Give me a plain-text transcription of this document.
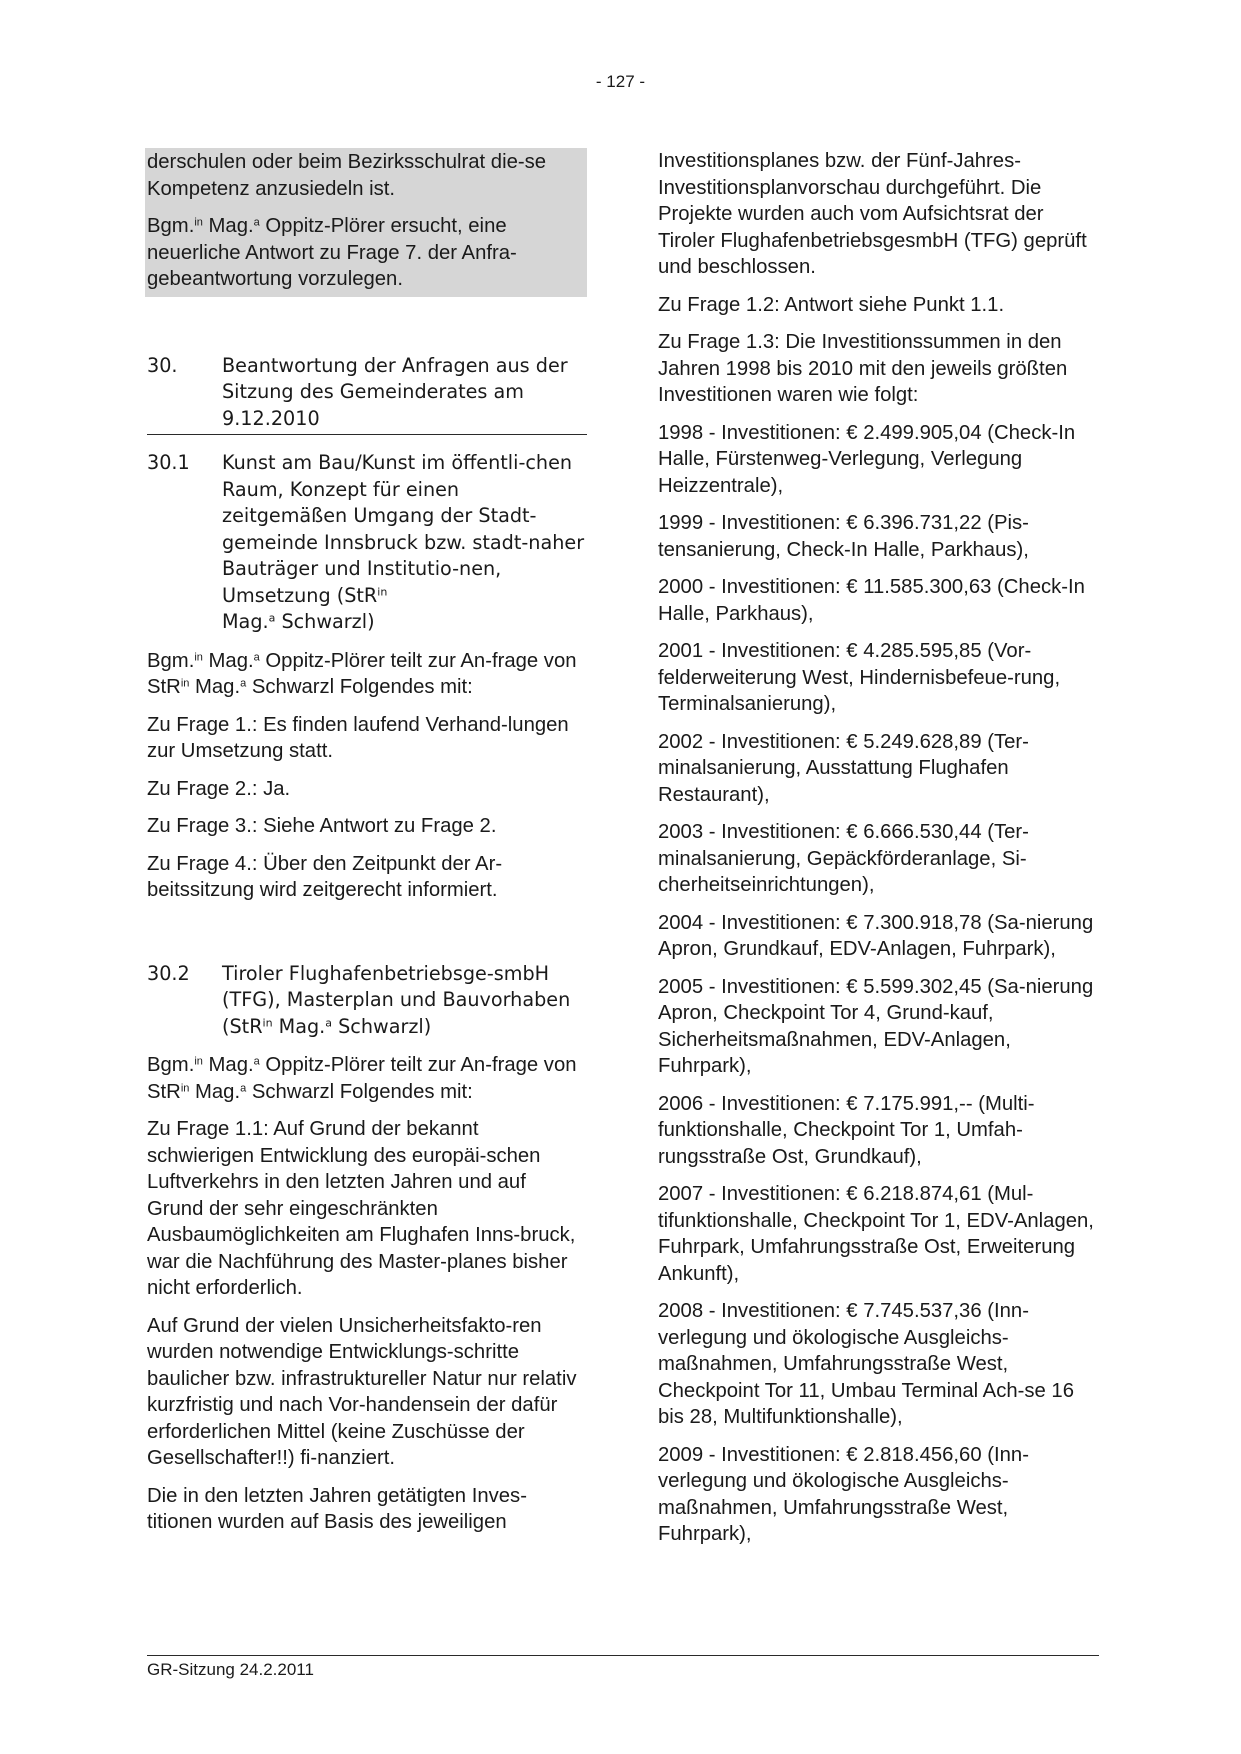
- 127 -

derschulen oder beim Bezirksschulrat die-se Kompetenz anzusiedeln ist.

Bgm.$^{in}$ Mag.$^a$ Oppitz-Plörer ersucht, eine neuerliche Antwort zu Frage 7. der Anfra-gebeantwortung vorzulegen.

30.	Beantwortung der Anfragen aus der Sitzung des Gemeinderates am 9.12.2010
30.1	Kunst am Bau/Kunst im öffentli-chen Raum, Konzept für einen zeitgemäßen Umgang der Stadt-gemeinde Innsbruck bzw. stadt-naher Bauträger und Institutio-nen, Umsetzung (StR$^{in}$
Mag.$^a$ Schwarzl)

Bgm.$^{in}$ Mag.$^a$ Oppitz-Plörer teilt zur An-frage von StR$^{in}$ Mag.$^a$ Schwarzl Folgendes mit:

Zu Frage 1.: Es finden laufend Verhand-lungen zur Umsetzung statt.

Zu Frage 2.: Ja.

Zu Frage 3.: Siehe Antwort zu Frage 2.

Zu Frage 4.: Über den Zeitpunkt der Ar-beitssitzung wird zeitgerecht informiert.

30.2	Tiroler Flughafenbetriebsge-smbH (TFG), Masterplan und Bauvorhaben
(StR$^{in}$ Mag.$^a$ Schwarzl)

Bgm.$^{in}$ Mag.$^a$ Oppitz-Plörer teilt zur An-frage von StR$^{in}$ Mag.$^a$ Schwarzl Folgendes mit:

Zu Frage 1.1: Auf Grund der bekannt schwierigen Entwicklung des europäi-schen Luftverkehrs in den letzten Jahren und auf Grund der sehr eingeschränkten Ausbaumöglichkeiten am Flughafen Inns-bruck, war die Nachführung des Master-planes bisher nicht erforderlich.

Auf Grund der vielen Unsicherheitsfakto-ren wurden notwendige Entwicklungs-schritte baulicher bzw. infrastruktureller Natur nur relativ kurzfristig und nach Vor-handensein der dafür erforderlichen Mittel (keine Zuschüsse der Gesellschafter!!) fi-nanziert.

Die in den letzten Jahren getätigten Inves-titionen wurden auf Basis des jeweiligen

Investitionsplanes bzw. der Fünf-Jahres-Investitionsplanvorschau durchgeführt. Die Projekte wurden auch vom Aufsichtsrat der Tiroler FlughafenbetriebsgesmbH (TFG) geprüft und beschlossen.

Zu Frage 1.2: Antwort siehe Punkt 1.1.

Zu Frage 1.3: Die Investitionssummen in den Jahren 1998 bis 2010 mit den jeweils größten Investitionen waren wie folgt:

1998 - Investitionen: € 2.499.905,04 (Check-In Halle, Fürstenweg-Verlegung, Verlegung Heizzentrale),

1999 - Investitionen: € 6.396.731,22 (Pis-tensanierung, Check-In Halle, Parkhaus),

2000 - Investitionen: € 11.585.300,63 (Check-In Halle, Parkhaus),

2001 - Investitionen: € 4.285.595,85 (Vor-felderweiterung West, Hindernisbefeue-rung, Terminalsanierung),

2002 - Investitionen: € 5.249.628,89 (Ter-minalsanierung, Ausstattung Flughafen Restaurant),

2003 - Investitionen: € 6.666.530,44 (Ter-minalsanierung, Gepäckförderanlage, Si-cherheitseinrichtungen),

2004 - Investitionen: € 7.300.918,78 (Sa-nierung Apron, Grundkauf, EDV-Anlagen, Fuhrpark),

2005 - Investitionen: € 5.599.302,45 (Sa-nierung Apron, Checkpoint Tor 4, Grund-kauf, Sicherheitsmaßnahmen, EDV-Anlagen, Fuhrpark),

2006 - Investitionen: € 7.175.991,-- (Multi-funktionshalle, Checkpoint Tor 1, Umfah-rungsstraße Ost, Grundkauf),

2007 - Investitionen: € 6.218.874,61 (Mul-tifunktionshalle, Checkpoint Tor 1, EDV-Anlagen, Fuhrpark, Umfahrungsstraße Ost, Erweiterung Ankunft),

2008 - Investitionen: € 7.745.537,36 (Inn-verlegung und ökologische Ausgleichs-maßnahmen, Umfahrungsstraße West, Checkpoint Tor 11, Umbau Terminal Ach-se 16 bis 28, Multifunktionshalle),

2009 - Investitionen: € 2.818.456,60 (Inn-verlegung und ökologische Ausgleichs-maßnahmen, Umfahrungsstraße West, Fuhrpark),

GR-Sitzung 24.2.2011
